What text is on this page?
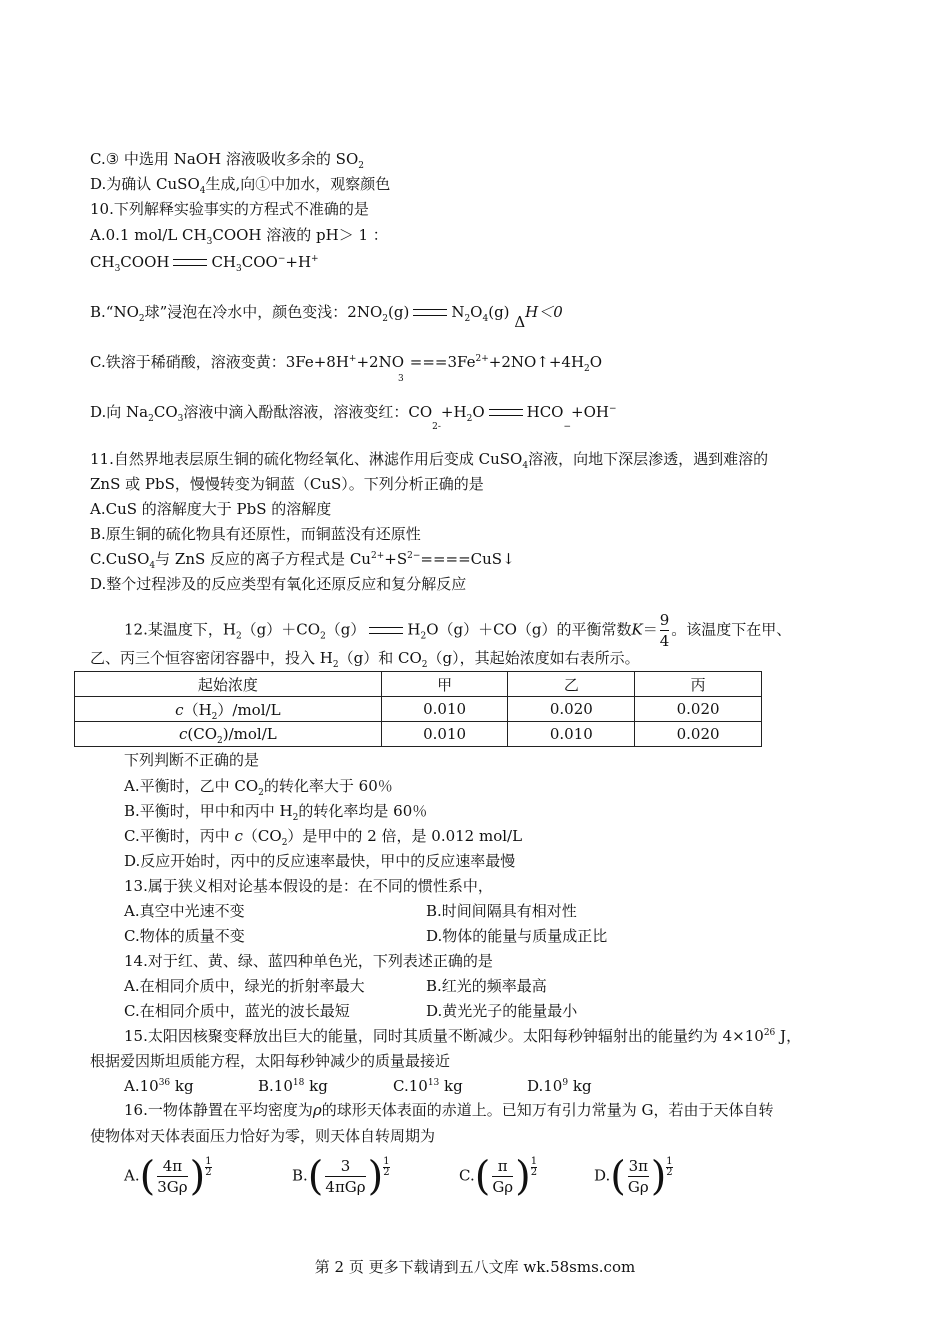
C.③ 中选用 NaOH 溶液吸收多余的 $SO_2$
D.为确认 CuSO$_4$生成,向①中加水，观察颜色
10.下列解释实验事实的方程式不准确的是
A.0.1 mol/L $CH_3COOH$ 溶液的 pH＞ 1 ：
$CH_3COOH$	$CH_3COO^-+H^+$
$B.“NO_2$球”浸泡在冷水中，颜色变浅：$2NO_2(g)$	$N_2O_4(g)$ ΔH＜0
C.铁溶于稀硝酸，溶液变黄：$3Fe+8H^++2NO_3===3Fe^{2+}+2NO↑+4H_2O$
D.向 $Na_2CO_3$溶液中滴入酚酞溶液，溶液变红：$CO_{2-}+H_2O$	$HCO_-+OH^-$
11.自然界地表层原生铜的硫化物经氧化、淋滤作用后变成 CuSO$_4$溶液，向地下深层渗透，遇到难溶的
ZnS 或 PbS，慢慢转变为铜蓝（CuS）。下列分析正确的是
A.CuS 的溶解度大于 PbS 的溶解度
B.原生铜的硫化物具有还原性，而铜蓝没有还原性
C.CuSO$_4$与 ZnS 反应的离子方程式是 $Cu^{2+}+S^{2-}====CuS↓$
D.整个过程涉及的反应类型有氧化还原反应和复分解反应
12.某温度下，$H_2(g)+CO_2(g)$	$H_2O(g)+CO(g)$的平衡常数$K= \frac{9}{4}$ 。该温度下在甲、
乙、丙三个恒容密闭容器中，投入 $H_2(g)$和 $CO_2(g)$，其起始浓度如右表所示。
起始浓度	甲	乙	丙
$c(H_2)/mol/L$	0.010	0.020	0.020
$c(CO_2)/mol/L$	0.010	0.010	0.020
下列判断不正确的是
A.平衡时，乙中 $CO_2$的转化率大于 60％
B.平衡时，甲中和丙中 $H_2$的转化率均是 60％
C.平衡时，丙中 $c(CO_2)$是甲中的 2 倍，是 0.012 mol/L
D.反应开始时，丙中的反应速率最快，甲中的反应速率最慢
13.属于狭义相对论基本假设的是：在不同的惯性系中，
A.真空中光速不变	B.时间间隔具有相对性
C.物体的质量不变	D.物体的能量与质量成正比
14.对于红、黄、绿、蓝四种单色光，下列表述正确的是
A.在相同介质中，绿光的折射率最大	B.红光的频率最高
C.在相同介质中，蓝光的波长最短	D.黄光光子的能量最小
15.太阳因核聚变释放出巨大的能量，同时其质量不断减少。太阳每秒钟辐射出的能量约为 $4\times 10^{26}$ J，
根据爱因斯坦质能方程，太阳每秒钟减少的质量最接近
$A.10^{36}$ kg	$B.10^{18}$ kg	$C.10^{13}$ kg	$D.10^9$ kg
16.一物体静置在平均密度为ρ的球形天体表面的赤道上。已知万有引力常量为 G，若由于天体自转
使物体对天体表面压力恰好为零，则天体自转周期为
$A.( \frac{4\pi}{3G\rho}$ ) $\frac{1}{2}$	$B.( \frac{3}{\text{4πGρ}}$ ) $\frac{1}{2}$	$C.( \frac{\pi}{G\rho}$ ) $\frac{1}{2}$	$D.( \frac{3\pi}{G\rho}$ ) $\frac{1}{2}$
第 2 页 更多下载请到五八文库 wk.58sms.com
